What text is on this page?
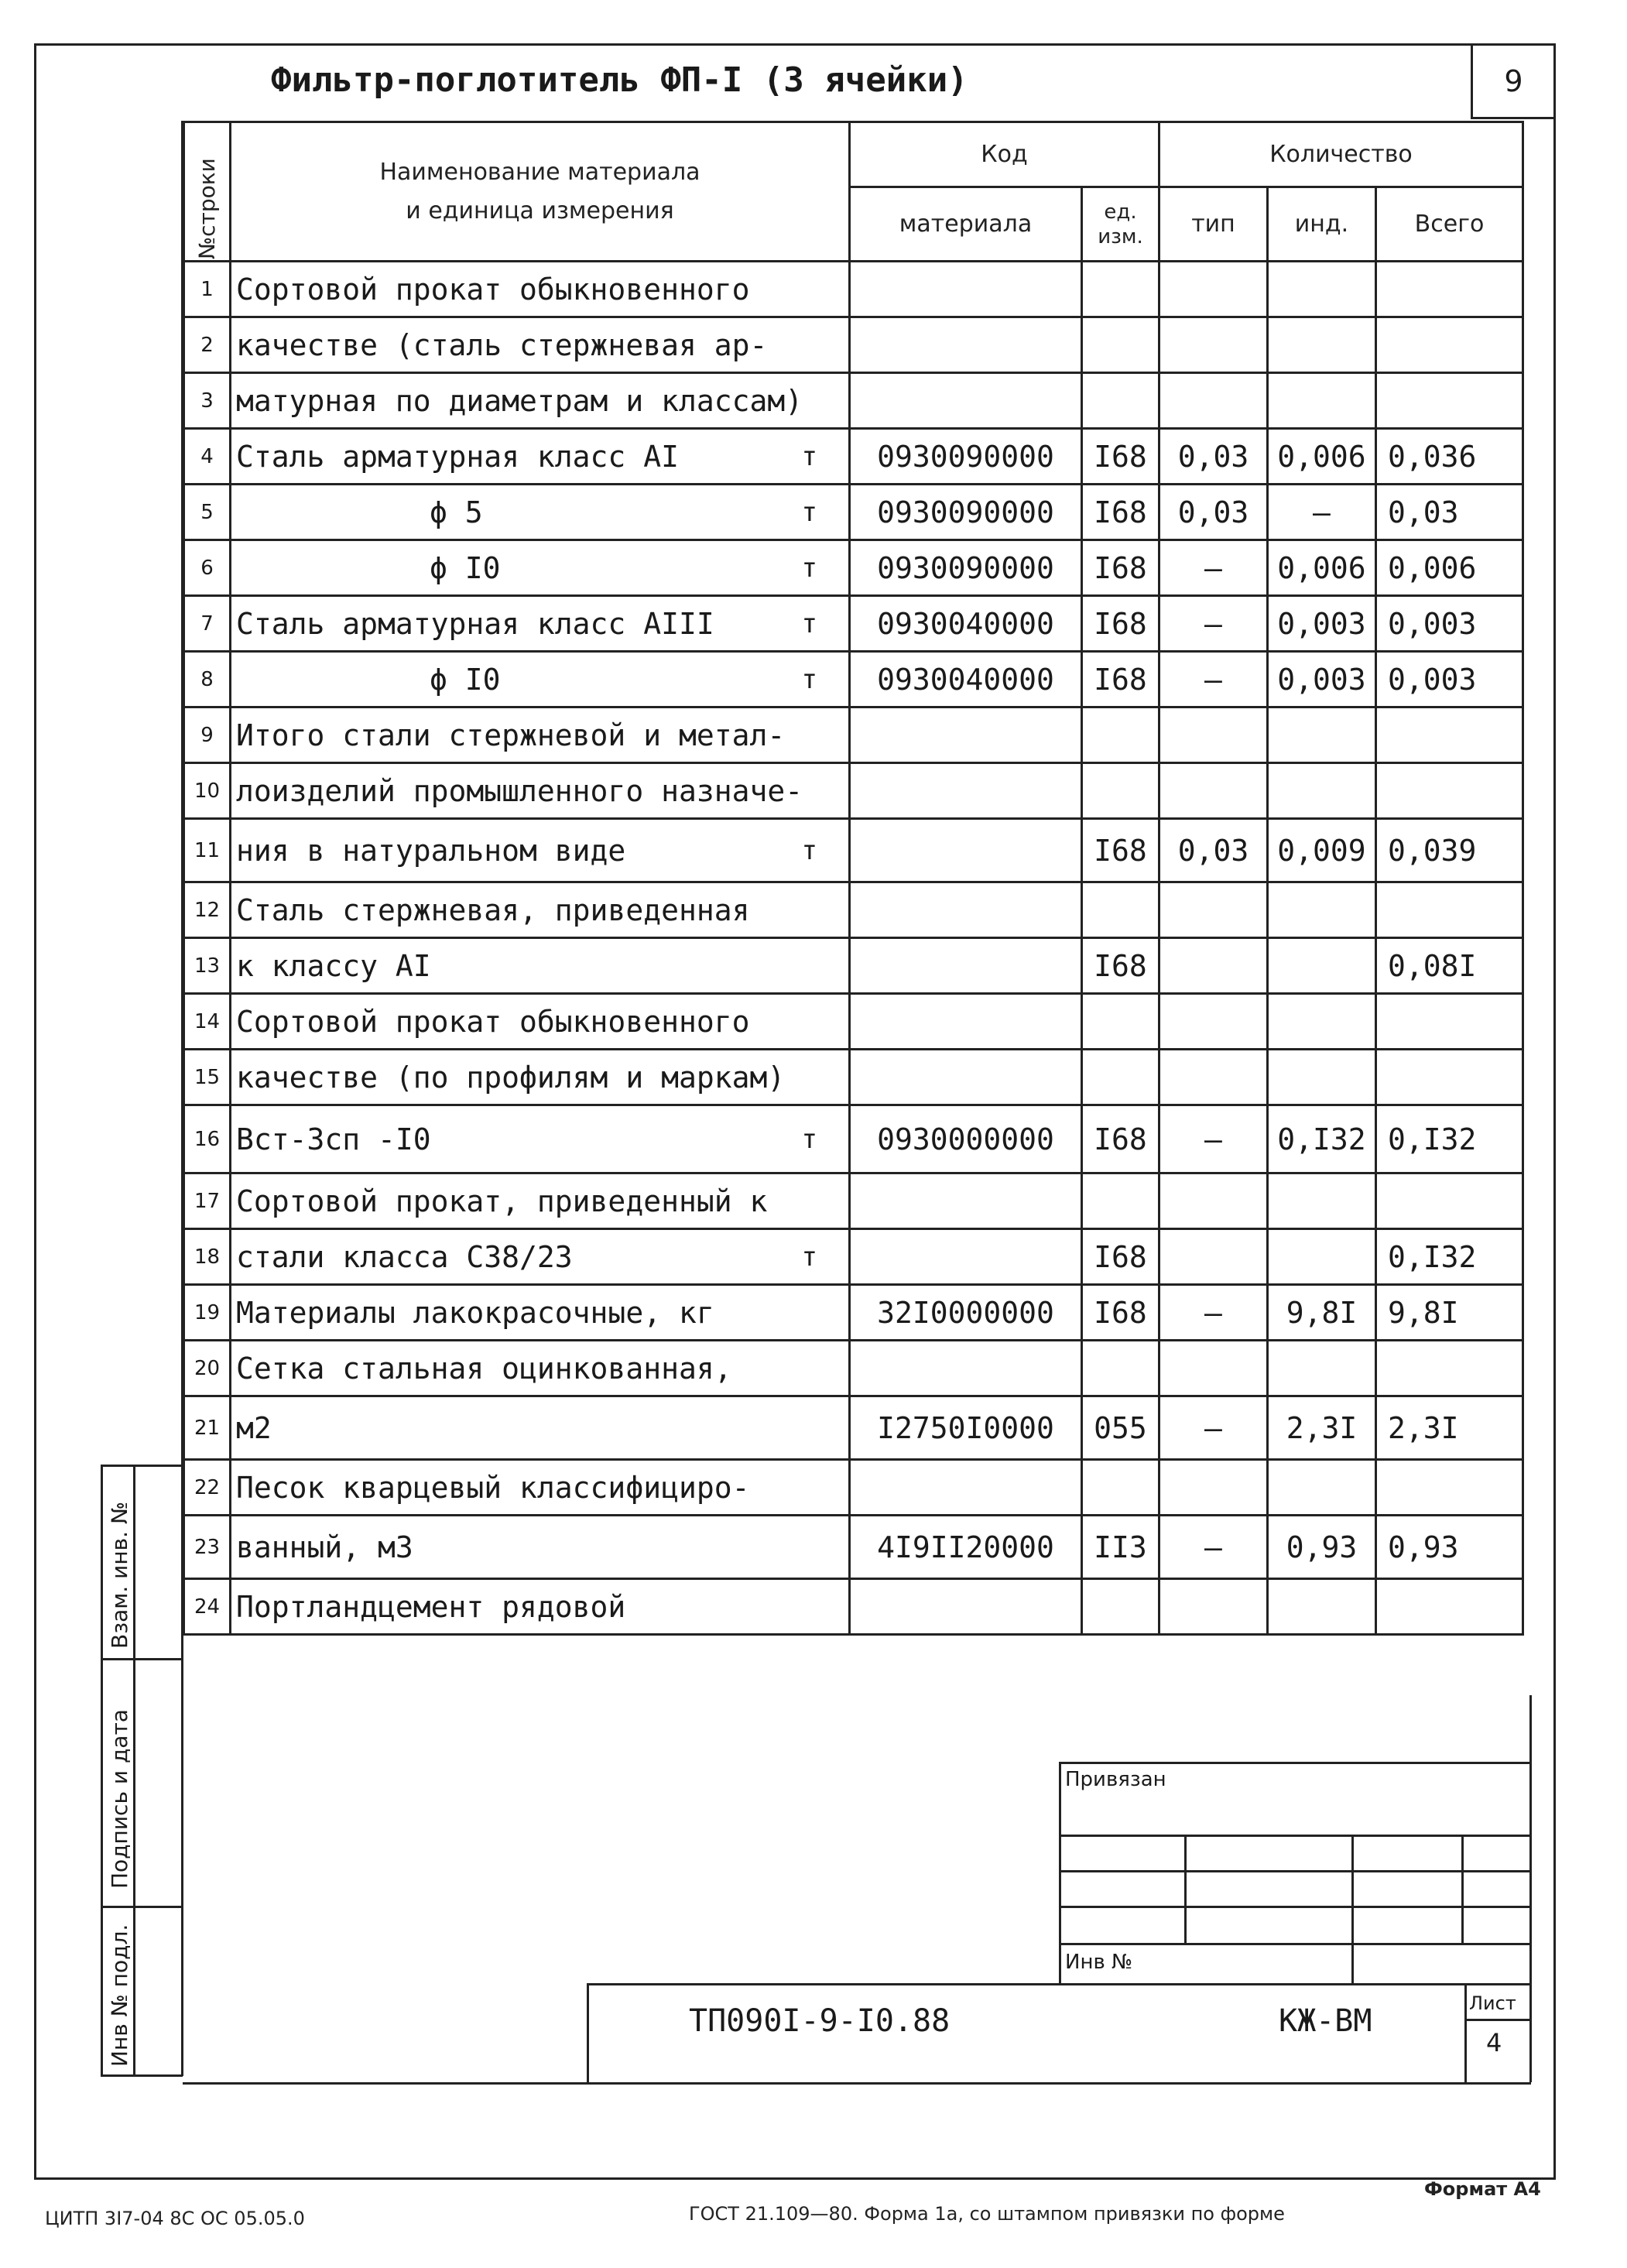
Фильтр-поглотитель ФП-I (3 ячейки)	9
№строки	Наименование материала
и единица измерения	Код		Количество		
		материала	ед. изм.	тип	инд.	Всего
1	Сортовой прокат обыкновенного					
2	качестве (сталь стержневая ар-					
3	матурная по диаметрам и классам)					
4	Сталь арматурная класс АI т	0930090000	I68	0,03	0,006	0,036
5	ϕ 5 т	0930090000	I68	0,03	–	0,03
6	ϕ I0 т	0930090000	I68	–	0,006	0,006
7	Сталь арматурная класс АIII т	0930040000	I68	–	0,003	0,003
8	ϕ I0 т	0930040000	I68	–	0,003	0,003
9	Итого стали стержневой и метал-					
10	лоизделий промышленного назначе-					
11	ния в натуральном виде т		I68	0,03	0,009	0,039
12	Сталь стержневая, приведенная					
13	к классу АI		I68			0,08I
14	Сортовой прокат обыкновенного					
15	качестве (по профилям и маркам)					
16	Вст-3сп -I0 т	0930000000	I68	–	0,I32	0,I32
17	Сортовой прокат, приведенный к					
18	стали класса С38/23 т		I68			0,I32
19	Материалы лакокрасочные, кг	32I0000000	I68	–	9,8I	9,8I
20	Сетка стальная оцинкованная,					
21	м2	I2750I0000	055	–	2,3I	2,3I
22	Песок кварцевый классифициро-					
23	ванный, м3	4I9II20000	II3	–	0,93	0,93
24	Портландцемент рядовой					
Взам. инв. №
Подпись и дата
Инв № подл.
Привязан
Инв №
ТП090I-9-I0.88	КЖ-ВМ	Лист
4
ЦИТП 3I7-04 8С ОС 05.05.0	ГОСТ 21.109—80. Форма 1а, со штампом привязки по форме
Формат А4
